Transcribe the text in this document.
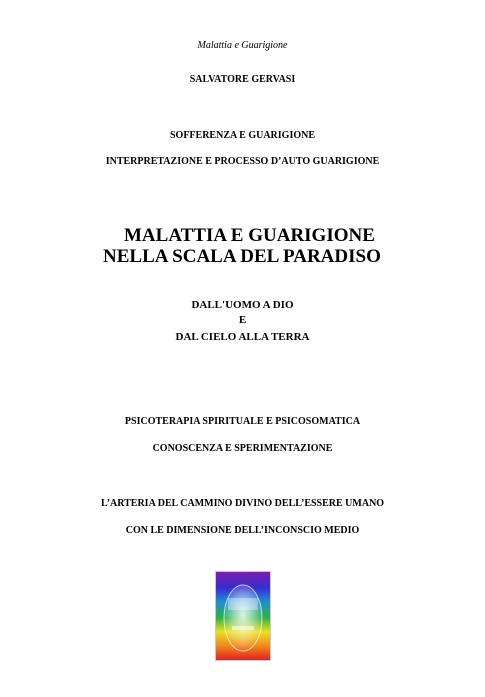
Malattia e Guarigione
SALVATORE GERVASI
SOFFERENZA E GUARIGIONE
INTERPRETAZIONE E PROCESSO D’AUTO GUARIGIONE
MALATTIA E GUARIGIONE
NELLA SCALA DEL PARADISO
DALL'UOMO A DIO
E
DAL CIELO ALLA TERRA
PSICOTERAPIA SPIRITUALE E PSICOSOMATICA
CONOSCENZA E SPERIMENTAZIONE
L’ARTERIA DEL CAMMINO DIVINO DELL’ESSERE UMANO
CON LE DIMENSIONE DELL’INCONSCIO MEDIO
